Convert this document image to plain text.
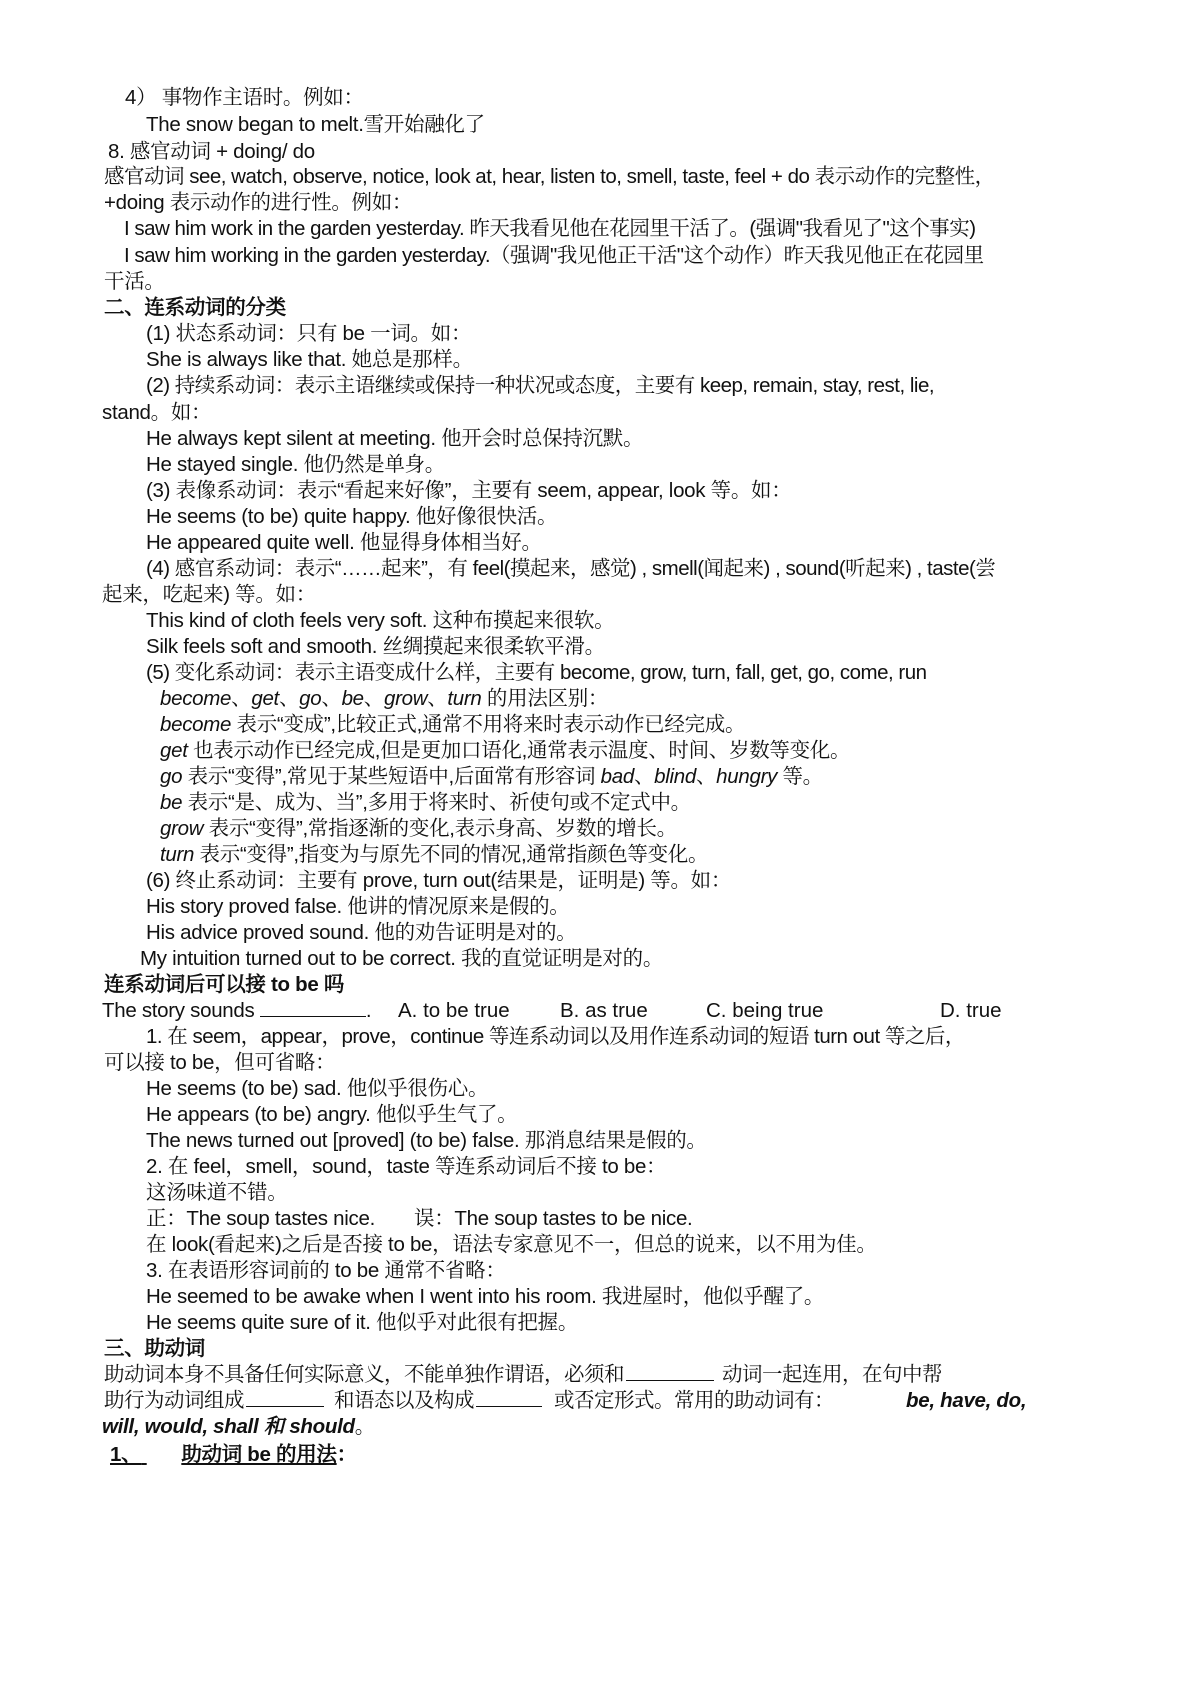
4） 事物作主语时。例如：
The snow began to melt.雪开始融化了
8. 感官动词 + doing/ do
感官动词 see, watch, observe, notice, look at, hear, listen to, smell, taste, feel + do 表示动作的完整性，
+doing 表示动作的进行性。例如：
I saw him work in the garden yesterday. 昨天我看见他在花园里干活了。(强调"我看见了"这个事实)
I saw him working in the garden yesterday.（强调"我见他正干活"这个动作）昨天我见他正在花园里
干活。
二、连系动词的分类
(1) 状态系动词：只有 be 一词。如：
She is always like that. 她总是那样。
(2) 持续系动词：表示主语继续或保持一种状况或态度，主要有 keep, remain, stay, rest, lie,
stand。如：
He always kept silent at meeting. 他开会时总保持沉默。
He stayed single. 他仍然是单身。
(3) 表像系动词：表示“看起来好像”，主要有 seem, appear, look 等。如：
He seems (to be) quite happy. 他好像很快活。
He appeared quite well. 他显得身体相当好。
(4) 感官系动词：表示“……起来”，有 feel(摸起来，感觉) , smell(闻起来) , sound(听起来) , taste(尝
起来，吃起来) 等。如：
This kind of cloth feels very soft. 这种布摸起来很软。
Silk feels soft and smooth. 丝绸摸起来很柔软平滑。
(5) 变化系动词：表示主语变成什么样，主要有 become, grow, turn, fall, get, go, come, run
become、get、go、be、grow、turn 的用法区别：
become 表示“变成”,比较正式,通常不用将来时表示动作已经完成。
get 也表示动作已经完成,但是更加口语化,通常表示温度、时间、岁数等变化。
go 表示“变得”,常见于某些短语中,后面常有形容词 bad、blind、hungry 等。
be 表示“是、成为、当”,多用于将来时、祈使句或不定式中。
grow 表示“变得”,常指逐渐的变化,表示身高、岁数的增长。
turn 表示“变得”,指变为与原先不同的情况,通常指颜色等变化。
(6) 终止系动词：主要有 prove, turn out(结果是，证明是) 等。如：
His story proved false. 他讲的情况原来是假的。
His advice proved sound. 他的劝告证明是对的。
My intuition turned out to be correct. 我的直觉证明是对的。
连系动词后可以接 to be 吗
The story sounds	. A. to be true B. as true	C. being true	D. true
1. 在 seem，appear，prove，continue 等连系动词以及用作连系动词的短语 turn out 等之后，
可以接 to be，但可省略：
He seems (to be) sad. 他似乎很伤心。
He appears (to be) angry. 他似乎生气了。
The news turned out [proved] (to be) false. 那消息结果是假的。
2. 在 feel，smell，sound，taste 等连系动词后不接 to be：
这汤味道不错。
正：The soup tastes nice. 误：The soup tastes to be nice.
在 look(看起来)之后是否接 to be，语法专家意见不一，但总的说来，以不用为佳。
3. 在表语形容词前的 to be 通常不省略：
He seemed to be awake when I went into his room. 我进屋时，他似乎醒了。
He seems quite sure of it. 他似乎对此很有把握。
三、助动词
助动词本身不具备任何实际意义，不能单独作谓语，必须和	动词一起连用，在句中帮
助行为动词组成	和语态以及构成	或否定形式。常用的助动词有：	be, have, do,
will, would, shall 和 should。
1、 助动词 be 的用法：
